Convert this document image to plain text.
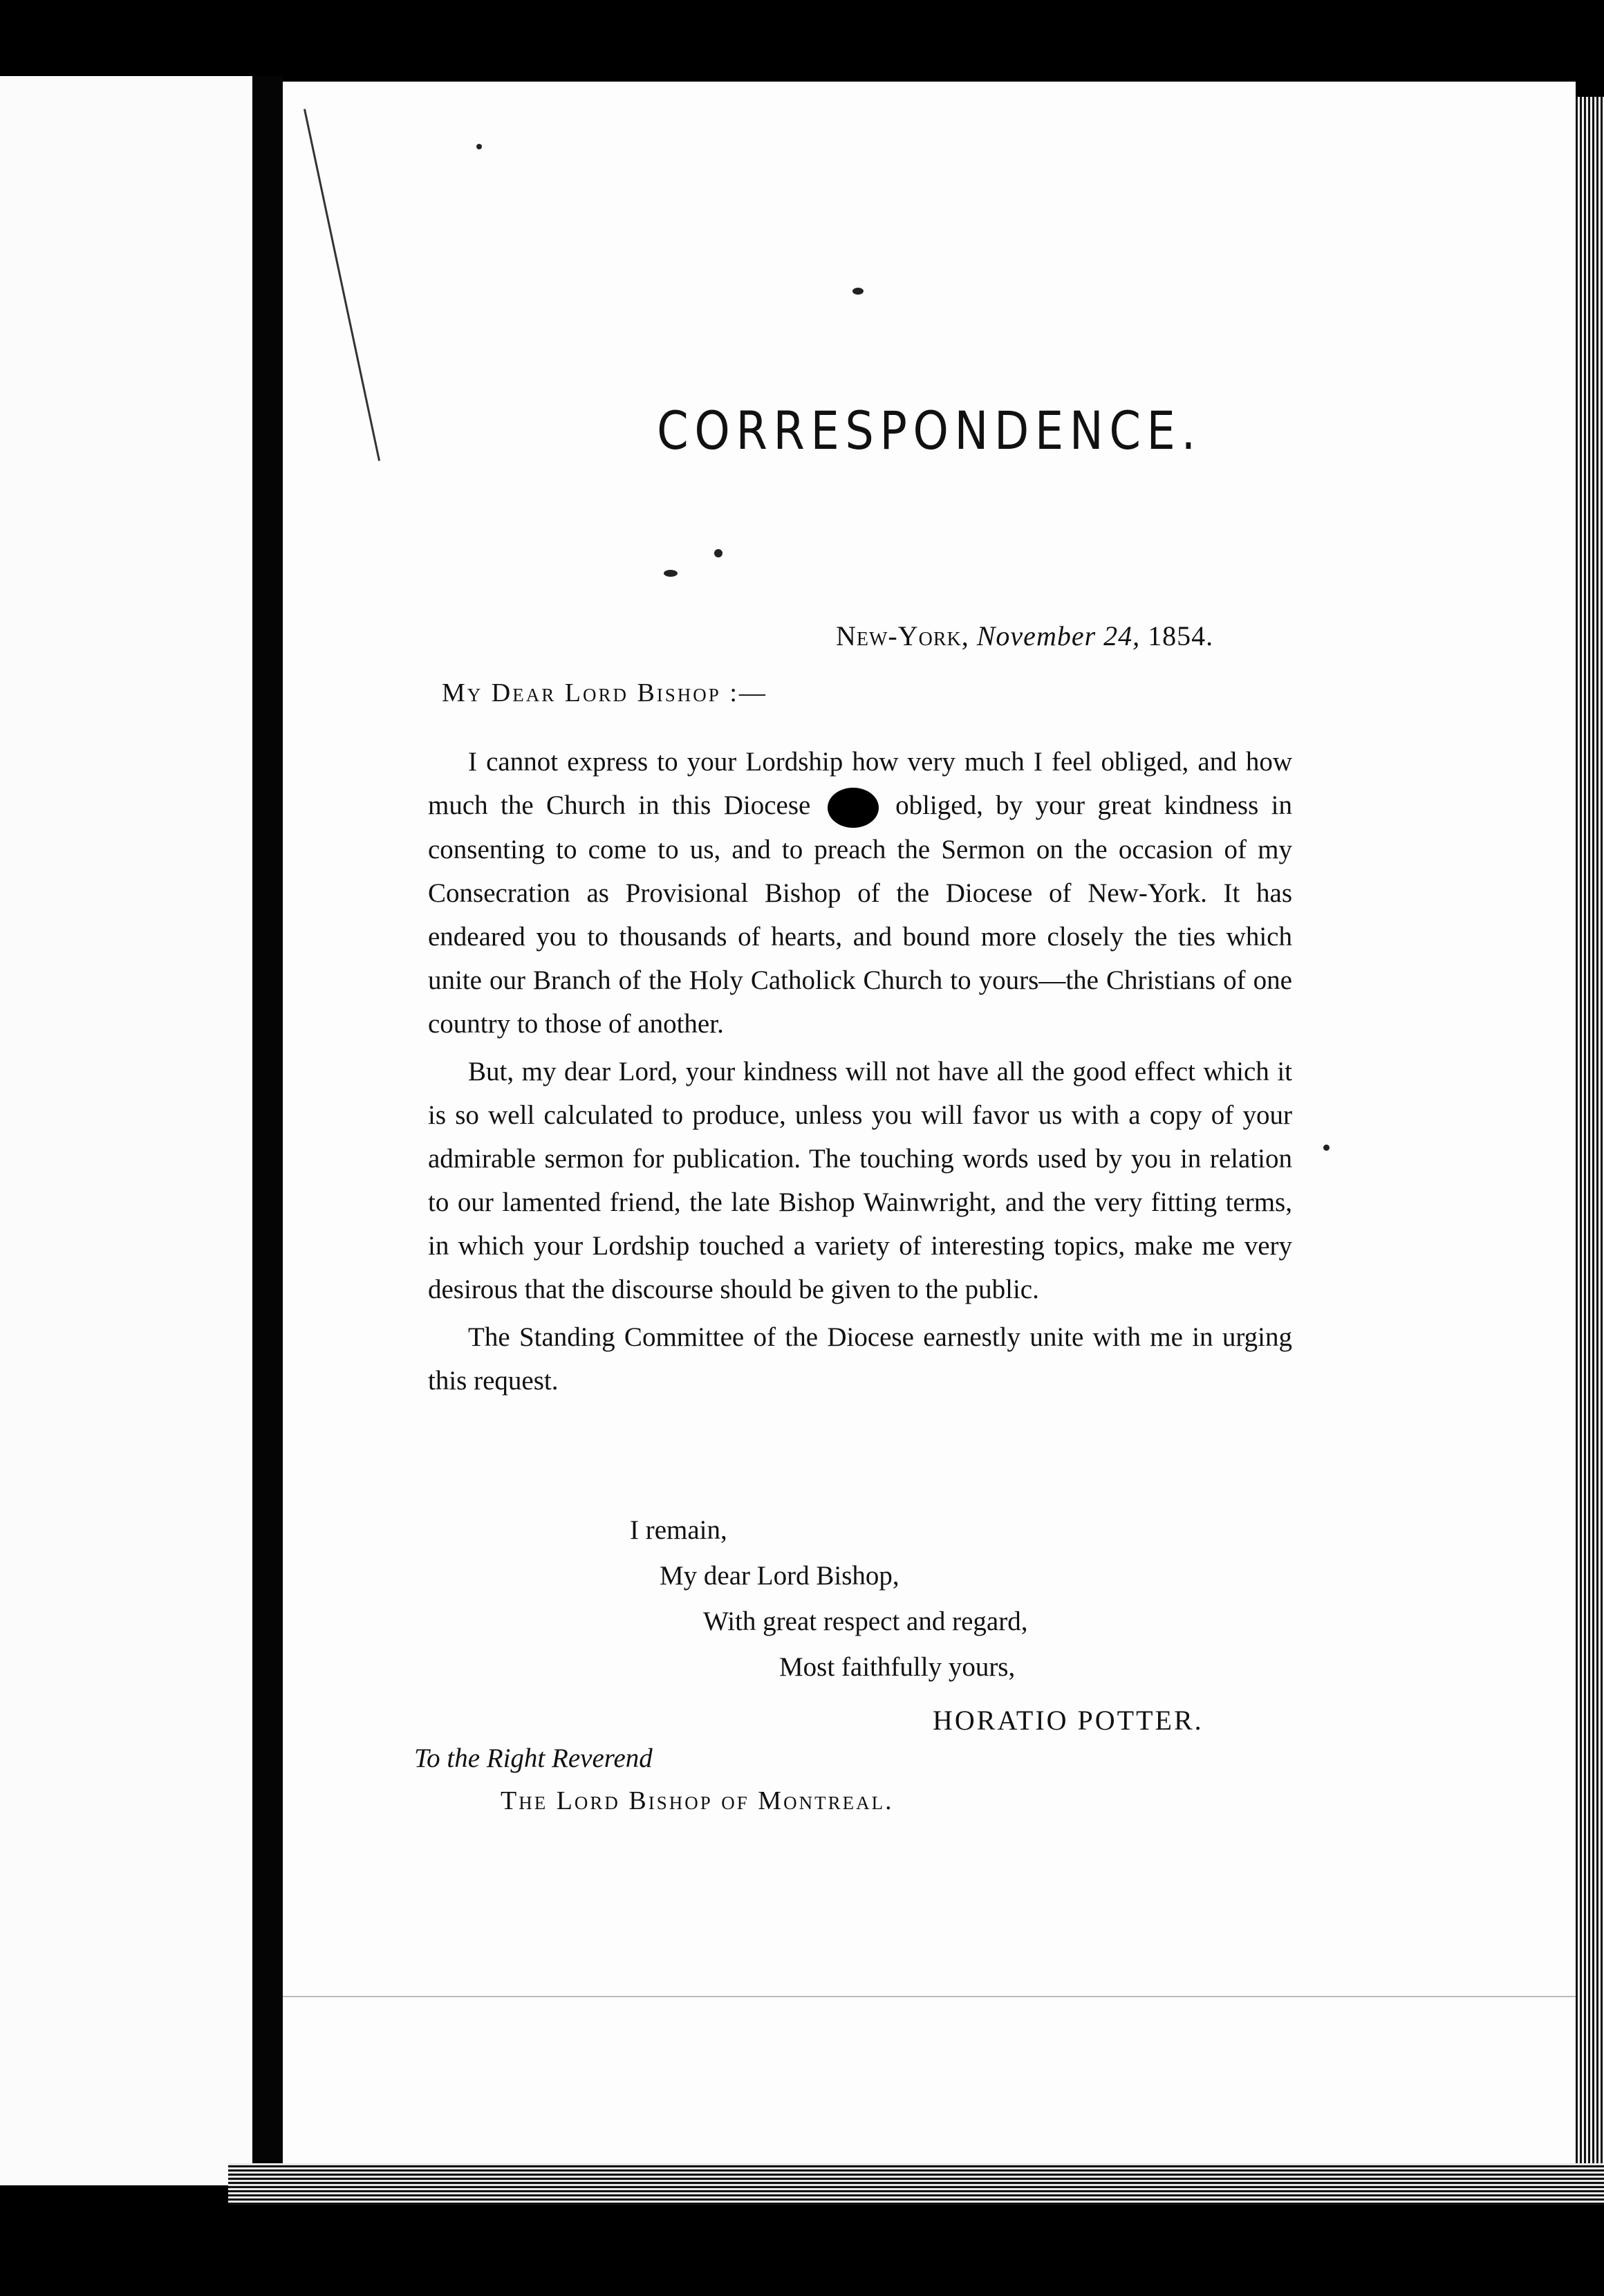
CORRESPONDENCE.
New-York, November 24, 1854.
My Dear Lord Bishop :—

I cannot express to your Lordship how very much I feel obliged, and how much the Church in this Diocese	obliged, by your great kindness in consenting to come to us, and to preach the Sermon on the occasion of my Consecration as Provisional Bishop of the Diocese of New-York. It has endeared you to thousands of hearts, and bound more closely the ties which unite our Branch of the Holy Catholick Church to yours—the Christians of one country to those of another.

But, my dear Lord, your kindness will not have all the good effect which it is so well calculated to produce, unless you will favor us with a copy of your admirable sermon for publication. The touching words used by you in relation to our lamented friend, the late Bishop Wainwright, and the very fitting terms, in which your Lordship touched a variety of interesting topics, make me very desirous that the discourse should be given to the public.

The Standing Committee of the Diocese earnestly unite with me in urging this request.

I remain,
My dear Lord Bishop,
With great respect and regard,
Most faithfully yours,
HORATIO POTTER.
To the Right Reverend
The Lord Bishop of Montreal.
